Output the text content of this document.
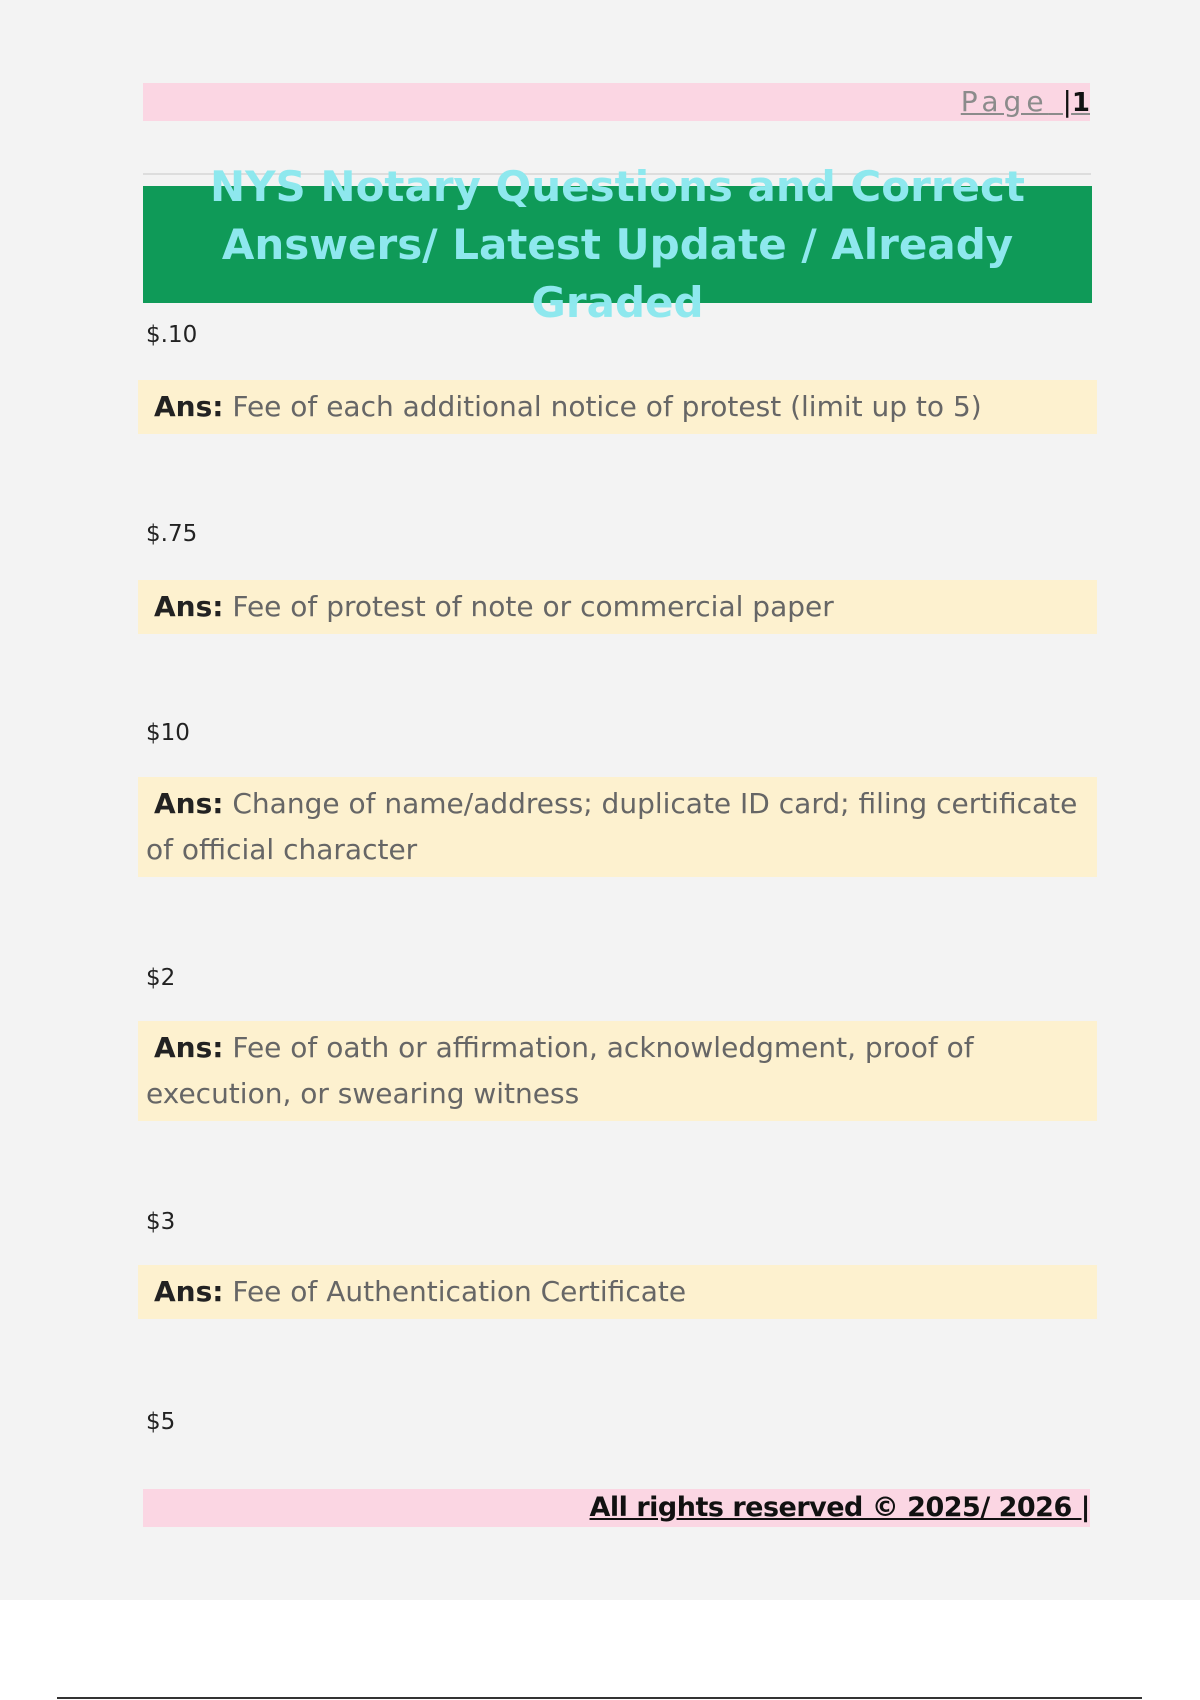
Page |1
NYS Notary Questions and Correct Answers/ Latest Update / Already Graded
$.10
Ans: Fee of each additional notice of protest (limit up to 5)
$.75
Ans: Fee of protest of note or commercial paper
$10
Ans: Change of name/address; duplicate ID card; filing certificate of official character
$2
Ans: Fee of oath or affirmation, acknowledgment, proof of execution, or swearing witness
$3
Ans: Fee of Authentication Certificate
$5
All rights reserved © 2025/ 2026 |
